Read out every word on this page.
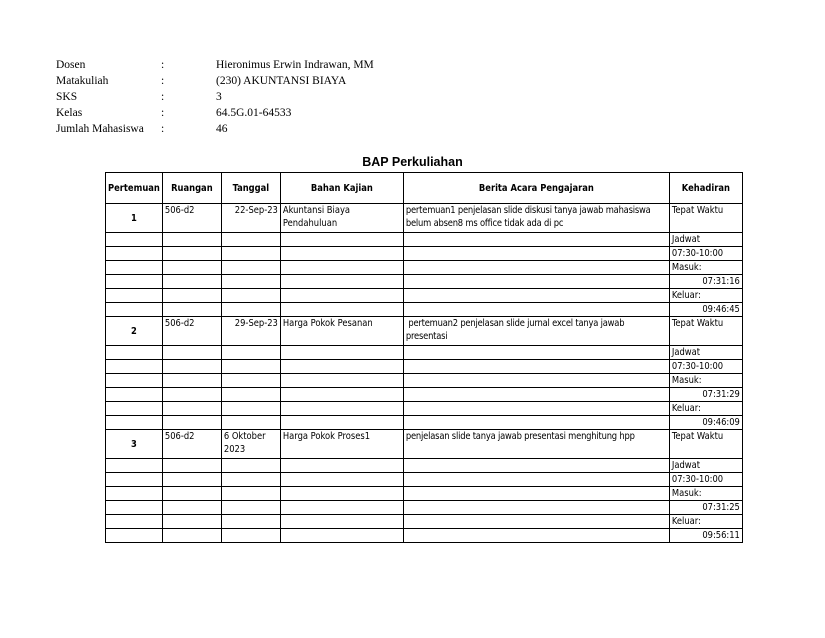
Dosen	:	Hieronimus Erwin Indrawan, MM
Matakuliah	:	(230) AKUNTANSI BIAYA
SKS	:	3
Kelas	:	64.5G.01-64533
Jumlah Mahasiswa	:	46
BAP Perkuliahan
Pertemuan	Ruangan	Tanggal	Bahan Kajian	Berita Acara Pengajaran	Kehadiran
1	506-d2	22-Sep-23	Akuntansi Biaya Pendahuluan	pertemuan1 penjelasan slide diskusi tanya jawab mahasiswa belum absen8 ms office tidak ada di pc	Tepat Waktu
					Jadwat
					07:30-10:00
					Masuk:
					07:31:16
					Keluar:
					09:46:45
2	506-d2	29-Sep-23	Harga Pokok Pesanan	pertemuan2 penjelasan slide jurnal excel tanya jawab presentasi	Tepat Waktu
					Jadwat
					07:30-10:00
					Masuk:
					07:31:29
					Keluar:
					09:46:09
3	506-d2	6 Oktober 2023	Harga Pokok Proses1	penjelasan slide tanya jawab presentasi menghitung hpp	Tepat Waktu
					Jadwat
					07:30-10:00
					Masuk:
					07:31:25
					Keluar:
					09:56:11
